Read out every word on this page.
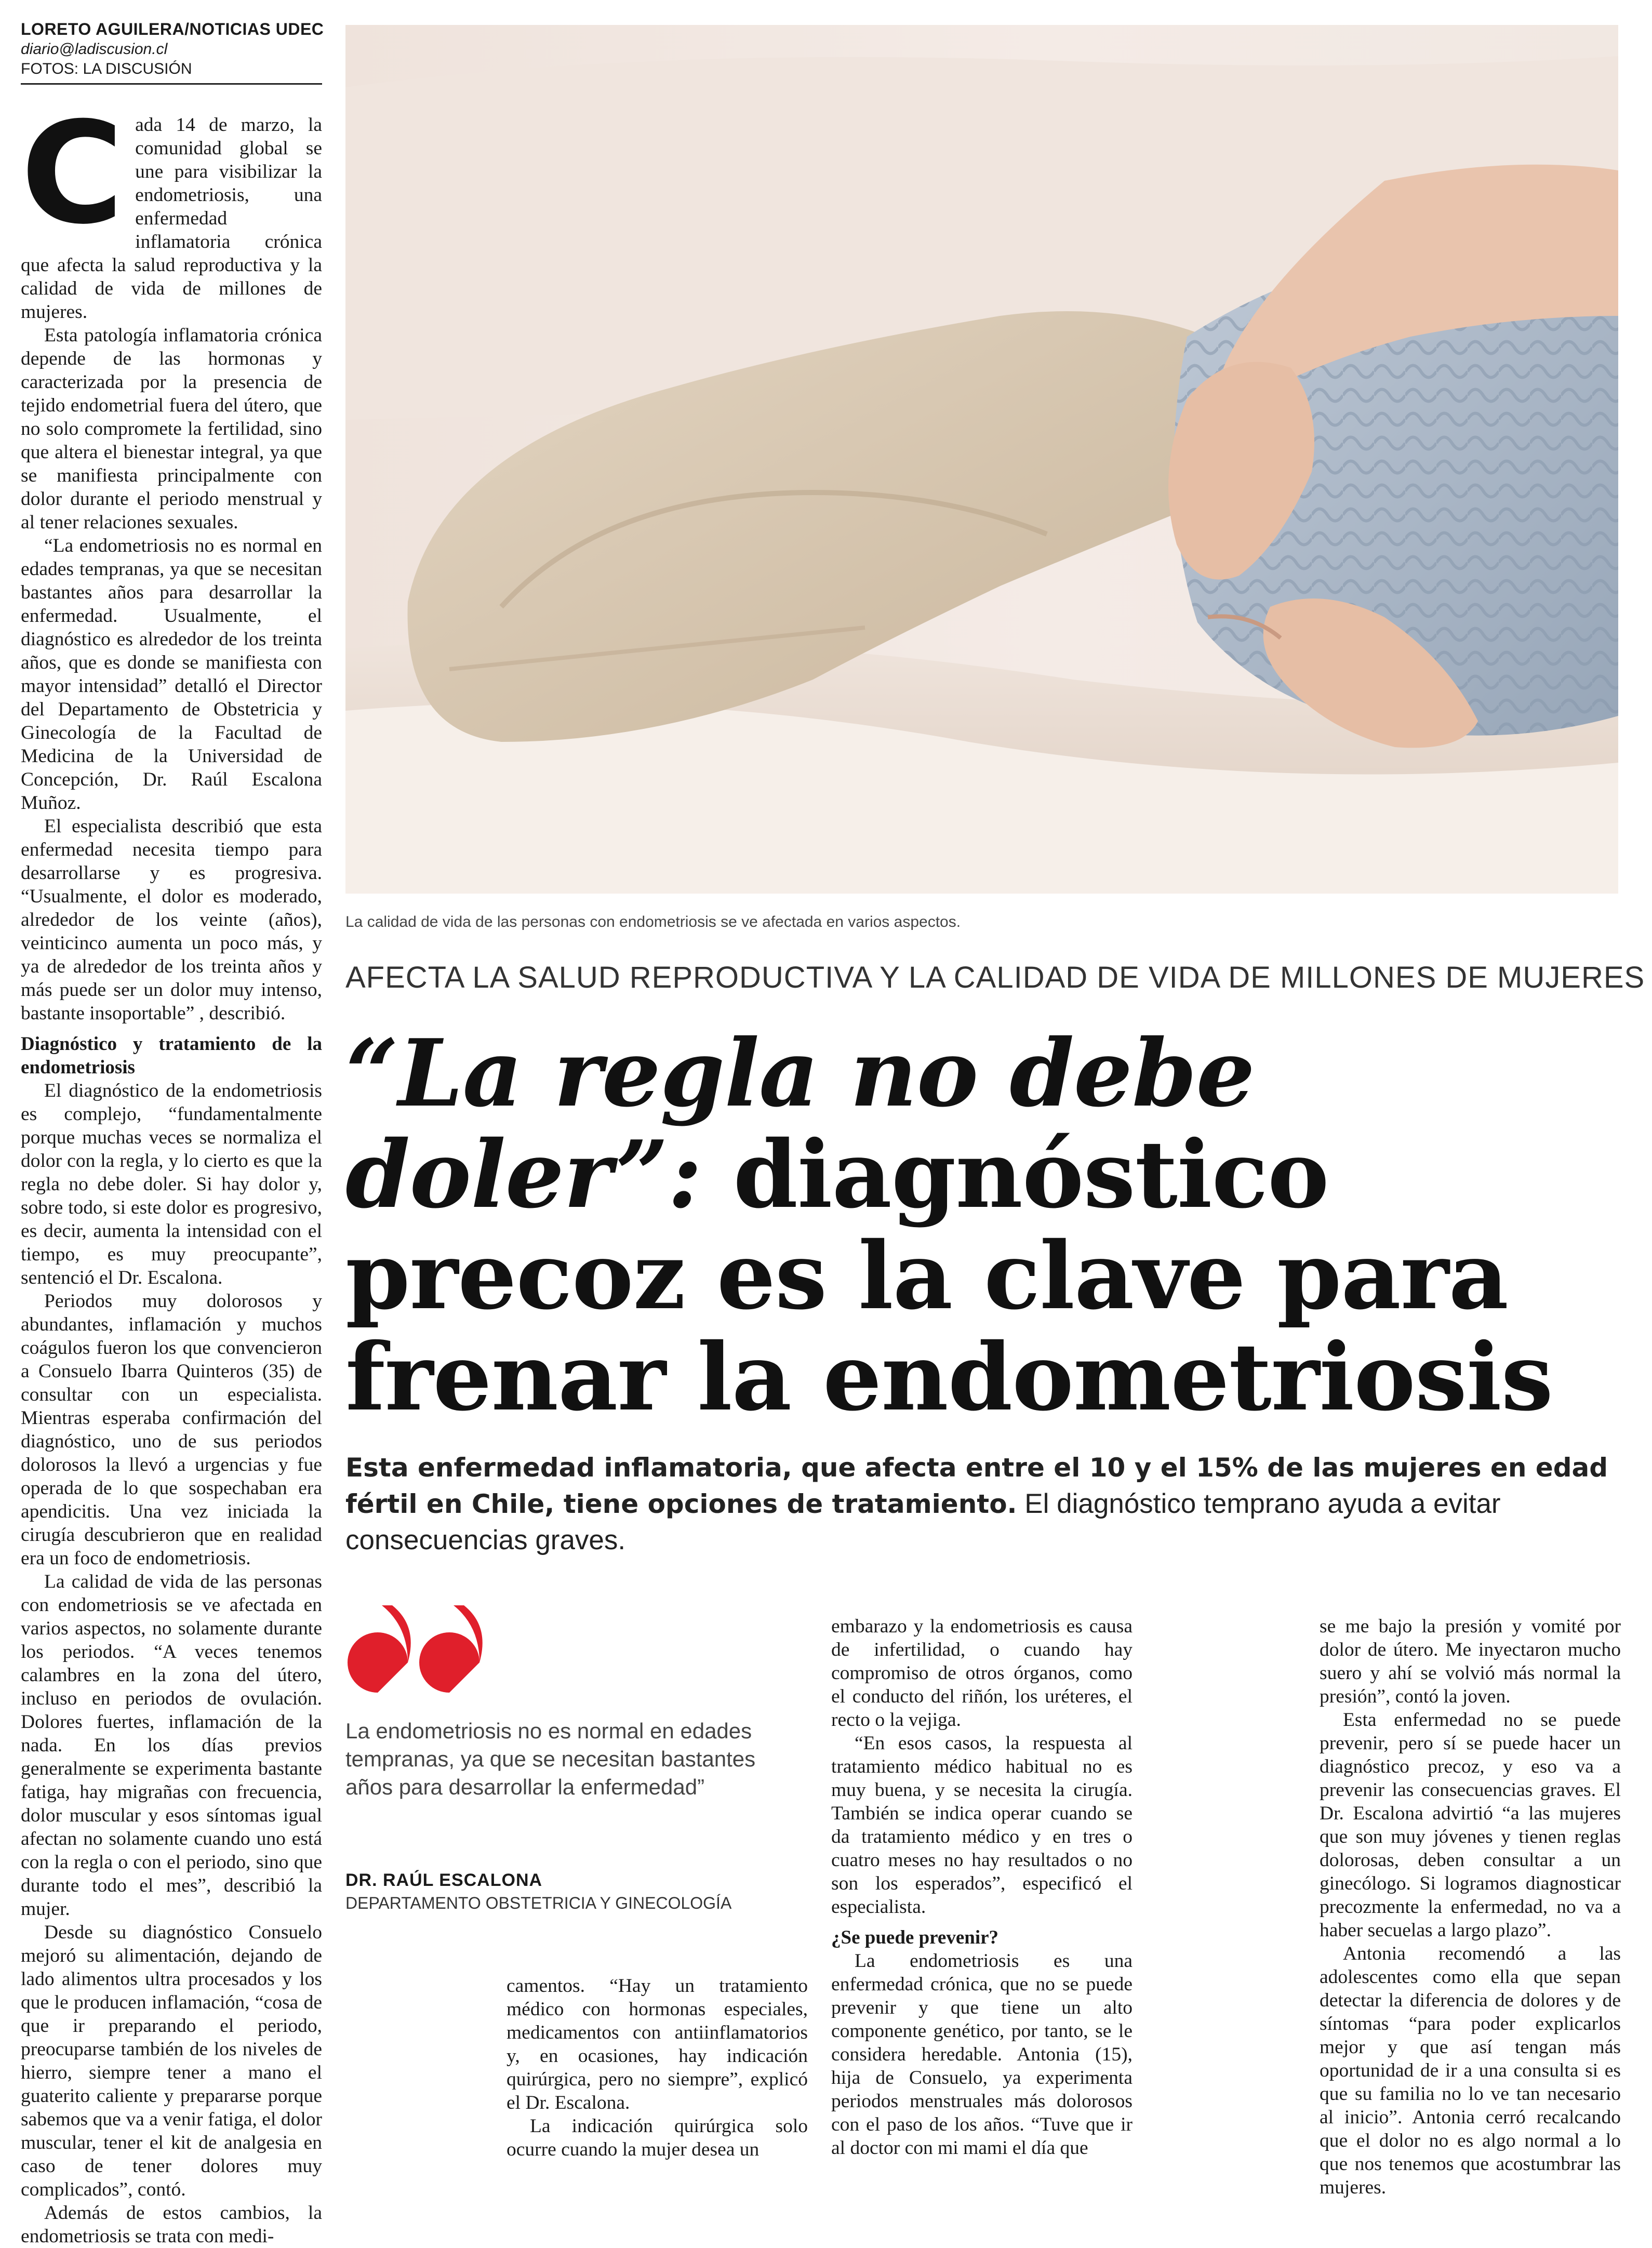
LORETO AGUILERA/NOTICIAS UDEC
diario@ladiscusion.cl
FOTOS: LA DISCUSIÓN

Cada 14 de marzo, la comunidad global se une para visibilizar la endometriosis, una enfermedad inflamatoria crónica que afecta la salud reproductiva y la calidad de vida de millones de mujeres.

Esta patología inflamatoria crónica depende de las hormonas y caracterizada por la presencia de tejido endometrial fuera del útero, que no solo compromete la fertilidad, sino que altera el bienestar integral, ya que se manifiesta principalmente con dolor durante el periodo menstrual y al tener relaciones sexuales.

“La endometriosis no es normal en edades tempranas, ya que se necesitan bastantes años para desarrollar la enfermedad. Usualmente, el diagnóstico es alrededor de los treinta años, que es donde se manifiesta con mayor intensidad” detalló el Director del Departamento de Obstetricia y Ginecología de la Facultad de Medicina de la Universidad de Concepción, Dr. Raúl Escalona Muñoz.

El especialista describió que esta enfermedad necesita tiempo para desarrollarse y es progresiva. “Usualmente, el dolor es moderado, alrededor de los veinte (años), veinticinco aumenta un poco más, y ya de alrededor de los treinta años y más puede ser un dolor muy intenso, bastante insoportable” , describió.

Diagnóstico y tratamiento de la endometriosis

El diagnóstico de la endometriosis es complejo, “fundamentalmente porque muchas veces se normaliza el dolor con la regla, y lo cierto es que la regla no debe doler. Si hay dolor y, sobre todo, si este dolor es progresivo, es decir, aumenta la intensidad con el tiempo, es muy preocupante”, sentenció el Dr. Escalona.

Periodos muy dolorosos y abundantes, inflamación y muchos coágulos fueron los que convencieron a Consuelo Ibarra Quinteros (35) de consultar con un especialista. Mientras esperaba confirmación del diagnóstico, uno de sus periodos dolorosos la llevó a urgencias y fue operada de lo que sospechaban era apendicitis. Una vez iniciada la cirugía descubrieron que en realidad era un foco de endometriosis.

La calidad de vida de las personas con endometriosis se ve afectada en varios aspectos, no solamente durante los periodos. “A veces tenemos calambres en la zona del útero, incluso en periodos de ovulación. Dolores fuertes, inflamación de la nada. En los días previos generalmente se experimenta bastante fatiga, hay migrañas con frecuencia, dolor muscular y esos síntomas igual afectan no solamente cuando uno está con la regla o con el periodo, sino que durante todo el mes”, describió la mujer.

Desde su diagnóstico Consuelo mejoró su alimentación, dejando de lado alimentos ultra procesados y los que le producen inflamación, “cosa de que ir preparando el periodo, preocuparse también de los niveles de hierro, siempre tener a mano el guaterito caliente y prepararse porque sabemos que va a venir fatiga, el dolor muscular, tener el kit de analgesia en caso de tener dolores muy complicados”, contó.

Además de estos cambios, la endometriosis se trata con medi-

La calidad de vida de las personas con endometriosis se ve afectada en varios aspectos.
AFECTA LA SALUD REPRODUCTIVA Y LA CALIDAD DE VIDA DE MILLONES DE MUJERES
“La regla no debe doler”: diagnóstico precoz es la clave para frenar la endometriosis
Esta enfermedad inflamatoria, que afecta entre el 10 y el 15% de las mujeres en edad fértil en Chile, tiene opciones de tratamiento. El diagnóstico temprano ayuda a evitar consecuencias graves.
La endometriosis no es normal en edades tempranas, ya que se necesitan bastantes años para desarrollar la enfermedad”
DR. RAÚL ESCALONA
DEPARTAMENTO OBSTETRICIA Y GINECOLOGÍA

camentos. “Hay un tratamiento médico con hormonas especiales, medicamentos con antiinflamatorios y, en ocasiones, hay indicación quirúrgica, pero no siempre”, explicó el Dr. Escalona.

La indicación quirúrgica solo ocurre cuando la mujer desea un

embarazo y la endometriosis es causa de infertilidad, o cuando hay compromiso de otros órganos, como el conducto del riñón, los uréteres, el recto o la vejiga.

“En esos casos, la respuesta al tratamiento médico habitual no es muy buena, y se necesita la cirugía. También se indica operar cuando se da tratamiento médico y en tres o cuatro meses no hay resultados o no son los esperados”, especificó el especialista.

¿Se puede prevenir?

La endometriosis es una enfermedad crónica, que no se puede prevenir y que tiene un alto componente genético, por tanto, se le considera heredable. Antonia (15), hija de Consuelo, ya experimenta periodos menstruales más dolorosos con el paso de los años. “Tuve que ir al doctor con mi mami el día que

se me bajo la presión y vomité por dolor de útero. Me inyectaron mucho suero y ahí se volvió más normal la presión”, contó la joven.

Esta enfermedad no se puede prevenir, pero sí se puede hacer un diagnóstico precoz, y eso va a prevenir las consecuencias graves. El Dr. Escalona advirtió “a las mujeres que son muy jóvenes y tienen reglas dolorosas, deben consultar a un ginecólogo. Si logramos diagnosticar precozmente la enfermedad, no va a haber secuelas a largo plazo”.

Antonia recomendó a las adolescentes como ella que sepan detectar la diferencia de dolores y de síntomas “para poder explicarlos mejor y que así tengan más oportunidad de ir a una consulta si es que su familia no lo ve tan necesario al inicio”. Antonia cerró recalcando que el dolor no es algo normal a lo que nos tenemos que acostumbrar las mujeres.
